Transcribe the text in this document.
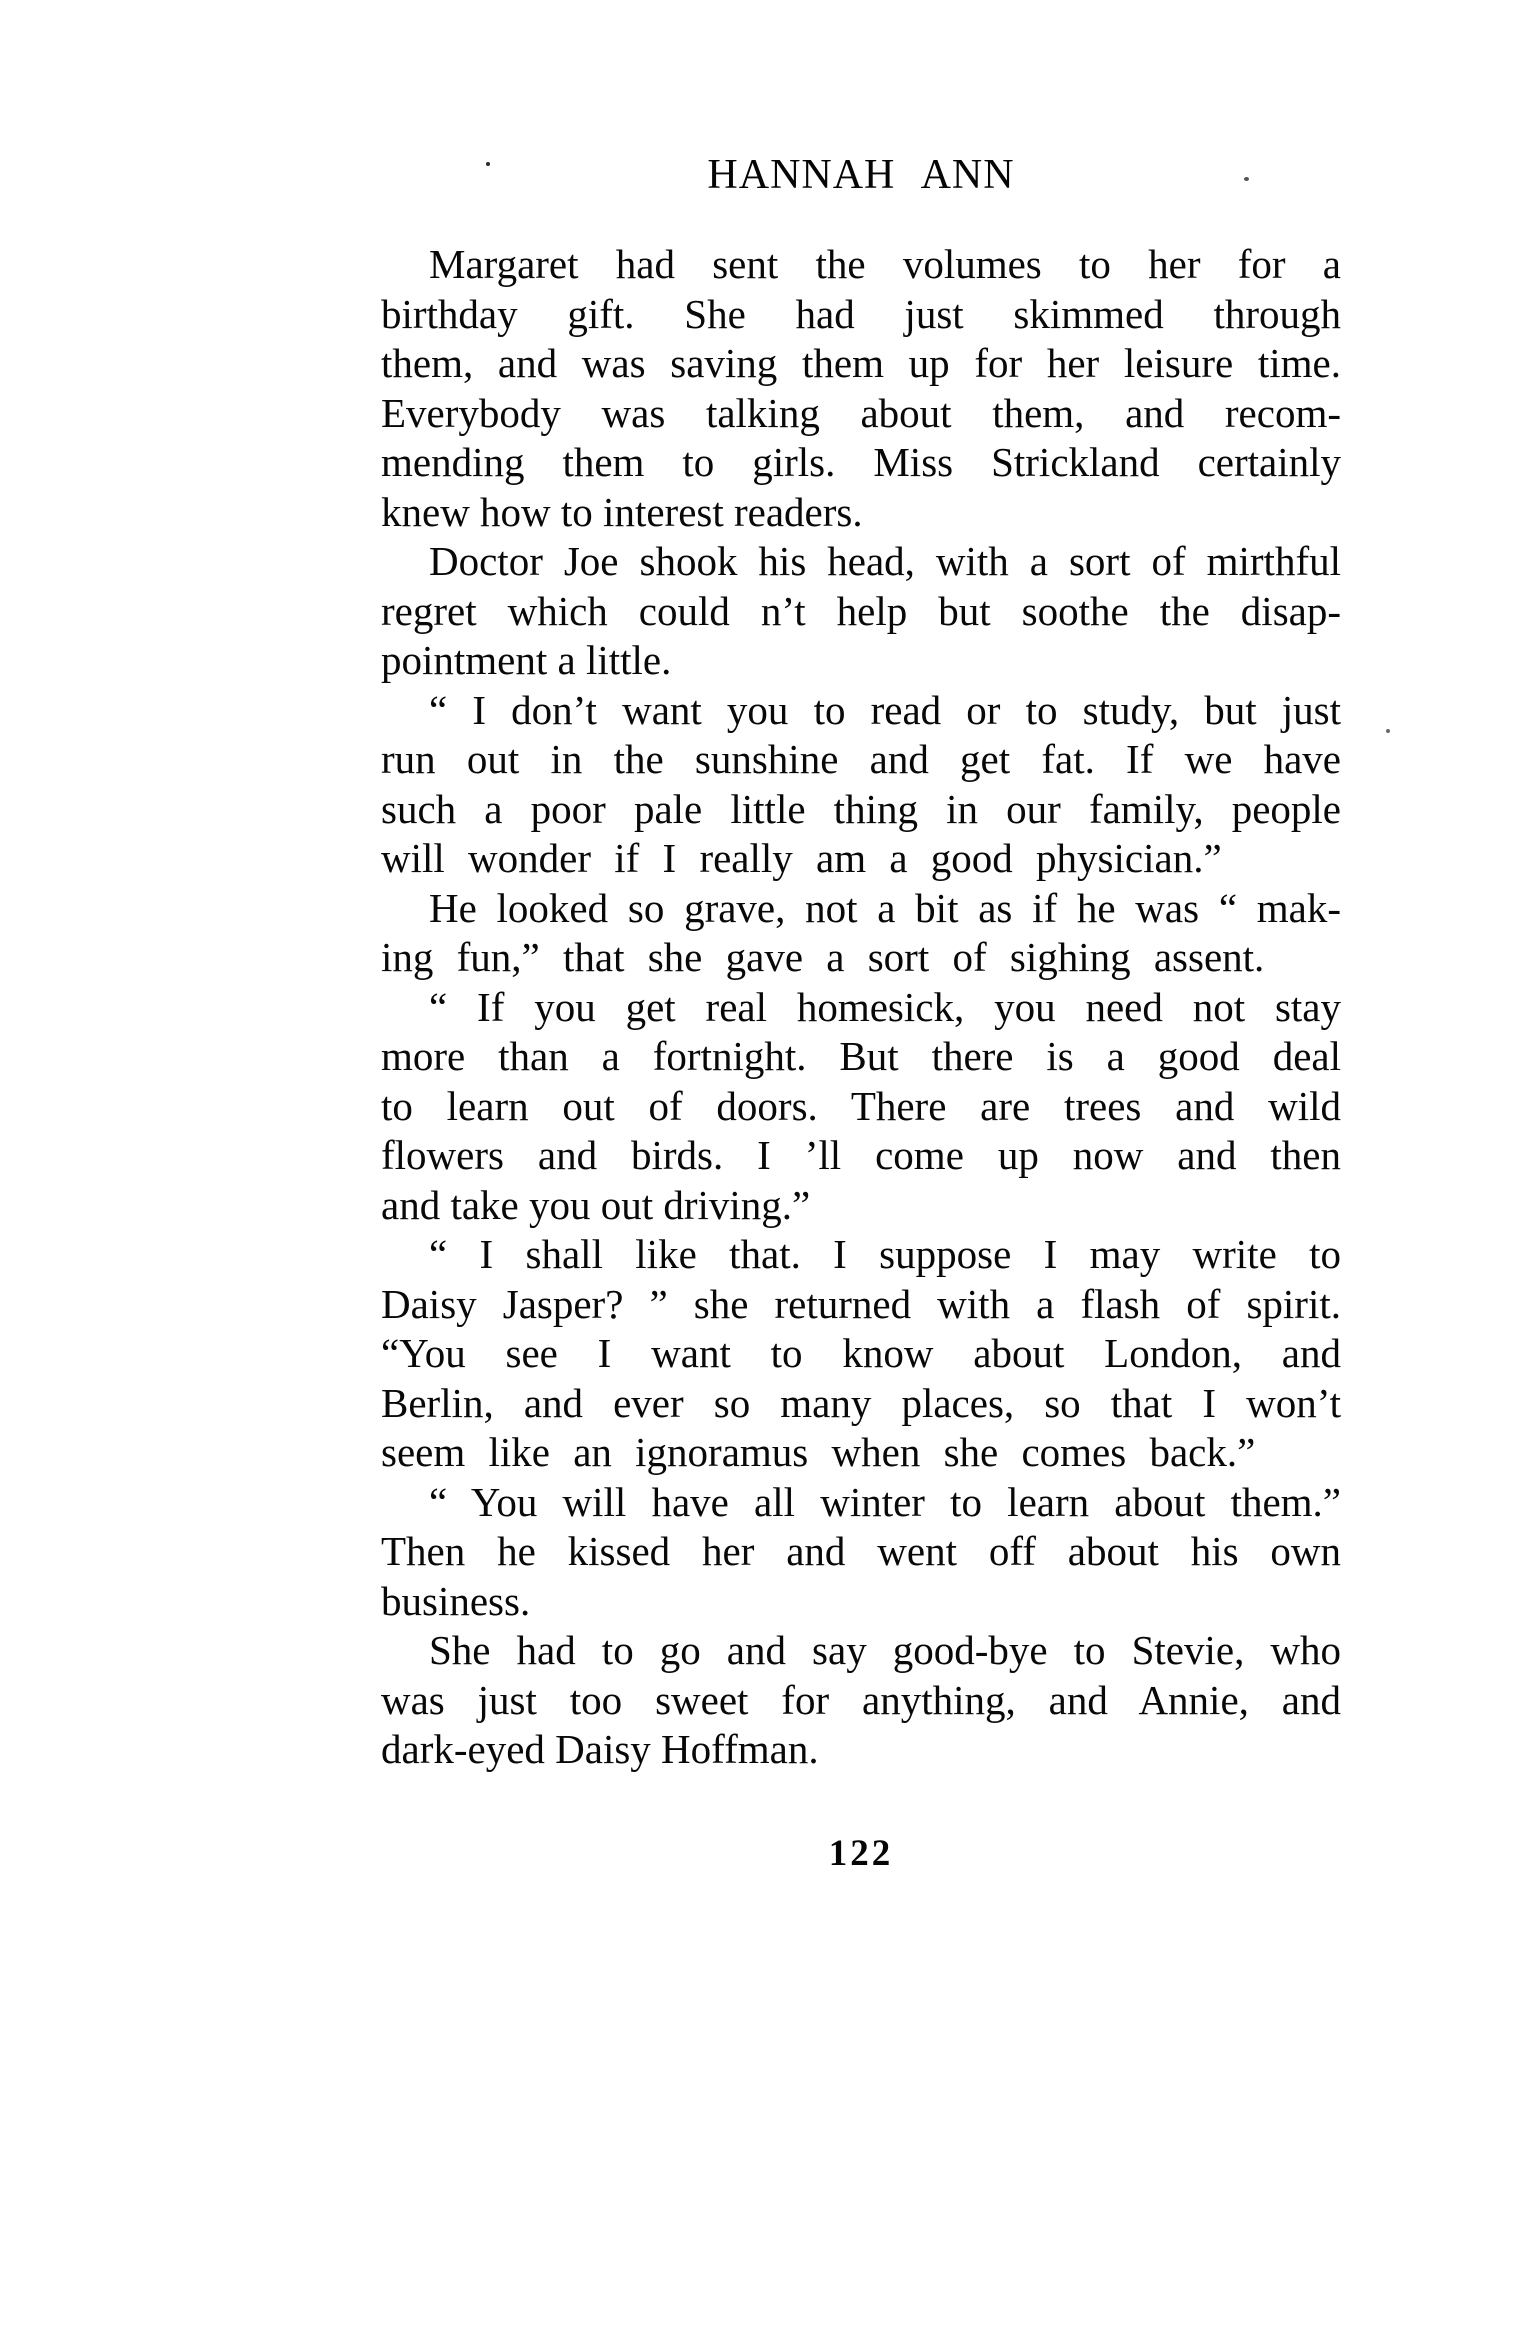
HANNAH ANN
Margaret had sent the volumes to her for a
birthday gift. She had just skimmed through
them, and was saving them up for her leisure time.
Everybody was talking about them, and recom-
mending them to girls. Miss Strickland certainly
knew how to interest readers.
Doctor Joe shook his head, with a sort of mirthful
regret which could n’t help but soothe the disap-
pointment a little.
“ I don’t want you to read or to study, but just
run out in the sunshine and get fat. If we have
such a poor pale little thing in our family, people
will wonder if I really am a good physician.”
He looked so grave, not a bit as if he was “ mak-
ing fun,” that she gave a sort of sighing assent.
“ If you get real homesick, you need not stay
more than a fortnight. But there is a good deal
to learn out of doors. There are trees and wild
flowers and birds. I ’ll come up now and then
and take you out driving.”
“ I shall like that. I suppose I may write to
Daisy Jasper? ” she returned with a flash of spirit.
“You see I want to know about London, and
Berlin, and ever so many places, so that I won’t
seem like an ignoramus when she comes back.”
“ You will have all winter to learn about them.”
Then he kissed her and went off about his own
business.
She had to go and say good-bye to Stevie, who
was just too sweet for anything, and Annie, and
dark-eyed Daisy Hoffman.
122
